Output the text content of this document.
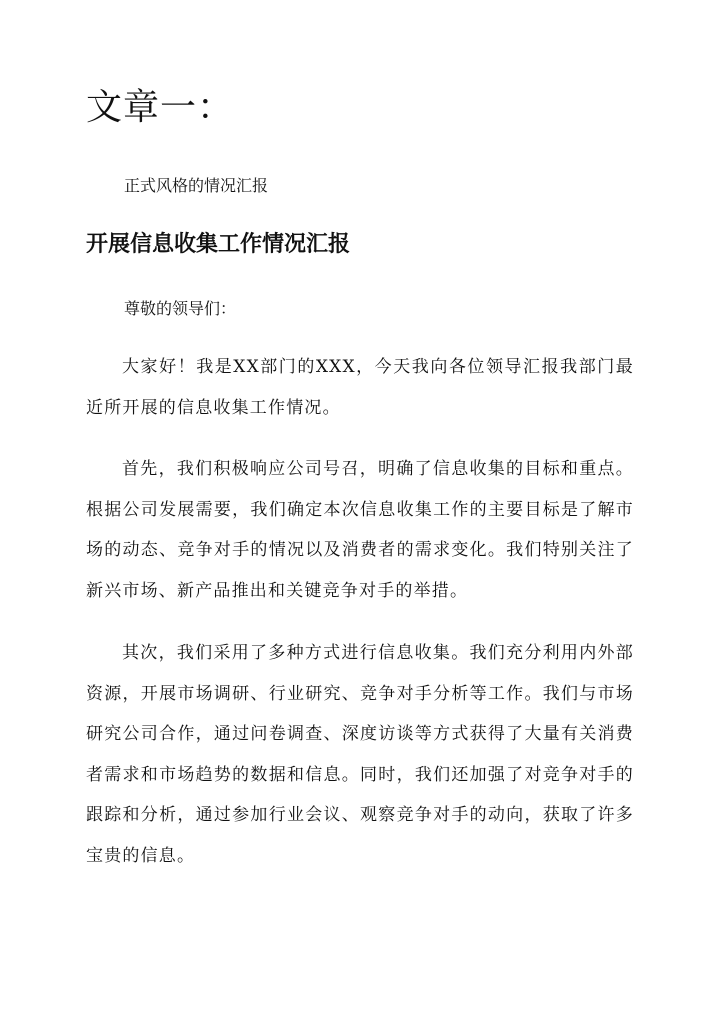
文章一：

正式风格的情况汇报

开展信息收集工作情况汇报

尊敬的领导们：

大家好！我是XX部门的XXX，今天我向各位领导汇报我部门最近所开展的信息收集工作情况。

首先，我们积极响应公司号召，明确了信息收集的目标和重点。根据公司发展需要，我们确定本次信息收集工作的主要目标是了解市场的动态、竞争对手的情况以及消费者的需求变化。我们特别关注了新兴市场、新产品推出和关键竞争对手的举措。

其次，我们采用了多种方式进行信息收集。我们充分利用内外部资源，开展市场调研、行业研究、竞争对手分析等工作。我们与市场研究公司合作，通过问卷调查、深度访谈等方式获得了大量有关消费者需求和市场趋势的数据和信息。同时，我们还加强了对竞争对手的跟踪和分析，通过参加行业会议、观察竞争对手的动向，获取了许多宝贵的信息。
